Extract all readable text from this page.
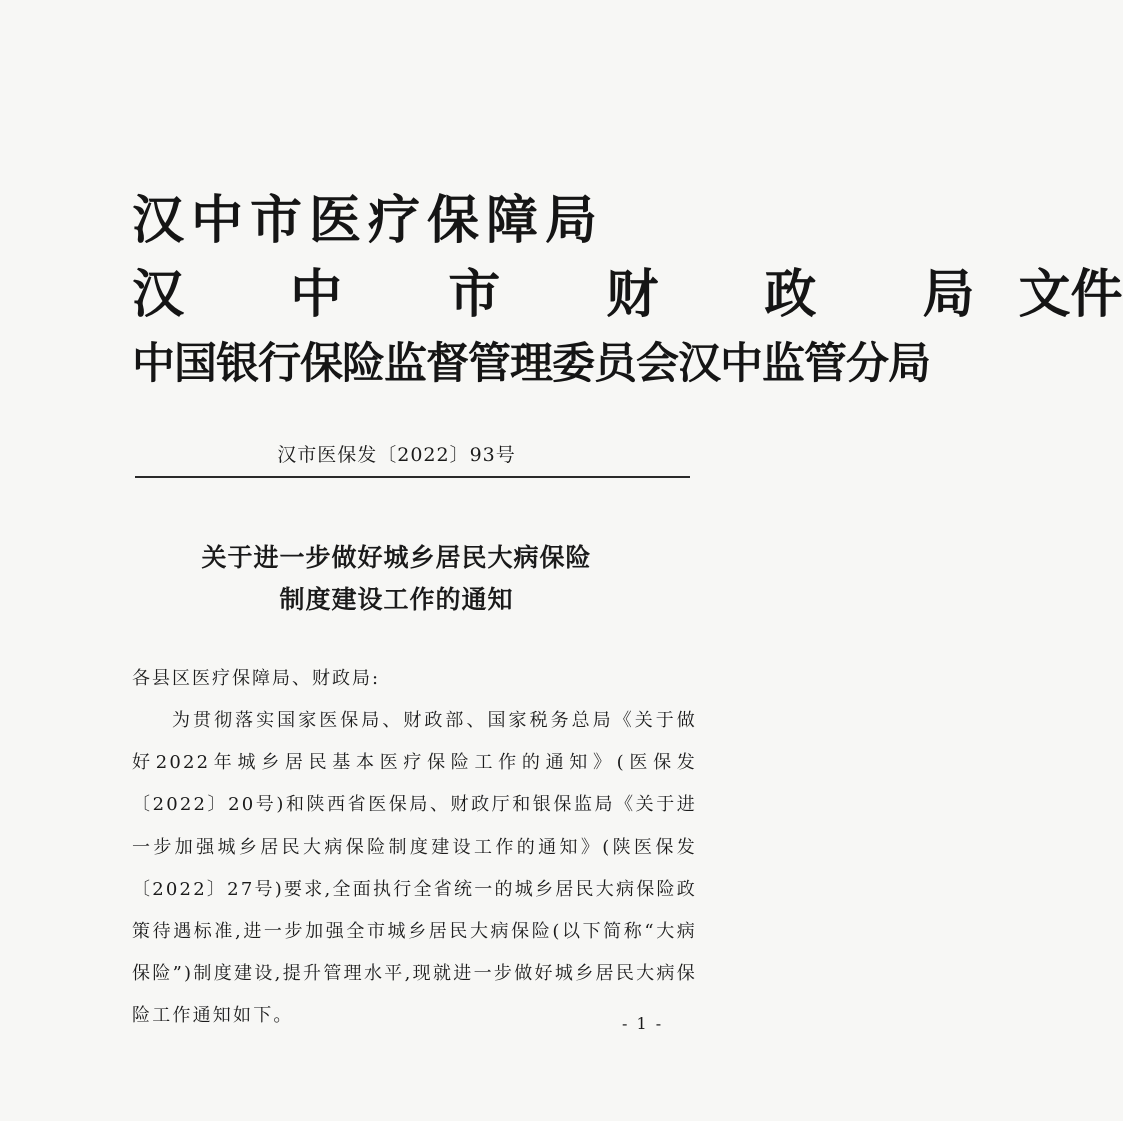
汉中市医疗保障局
汉 中 市 财 政 局文件
中国银行保险监督管理委员会汉中监管分局
汉市医保发〔2022〕93号
关于进一步做好城乡居民大病保险
制度建设工作的通知
各县区医疗保障局、财政局:
为贯彻落实国家医保局、财政部、国家税务总局《关于做好2022年城乡居民基本医疗保险工作的通知》(医保发〔2022〕20号)和陕西省医保局、财政厅和银保监局《关于进一步加强城乡居民大病保险制度建设工作的通知》(陕医保发〔2022〕27号)要求,全面执行全省统一的城乡居民大病保险政策待遇标准,进一步加强全市城乡居民大病保险(以下简称“大病保险”)制度建设,提升管理水平,现就进一步做好城乡居民大病保险工作通知如下。	- 1 -
